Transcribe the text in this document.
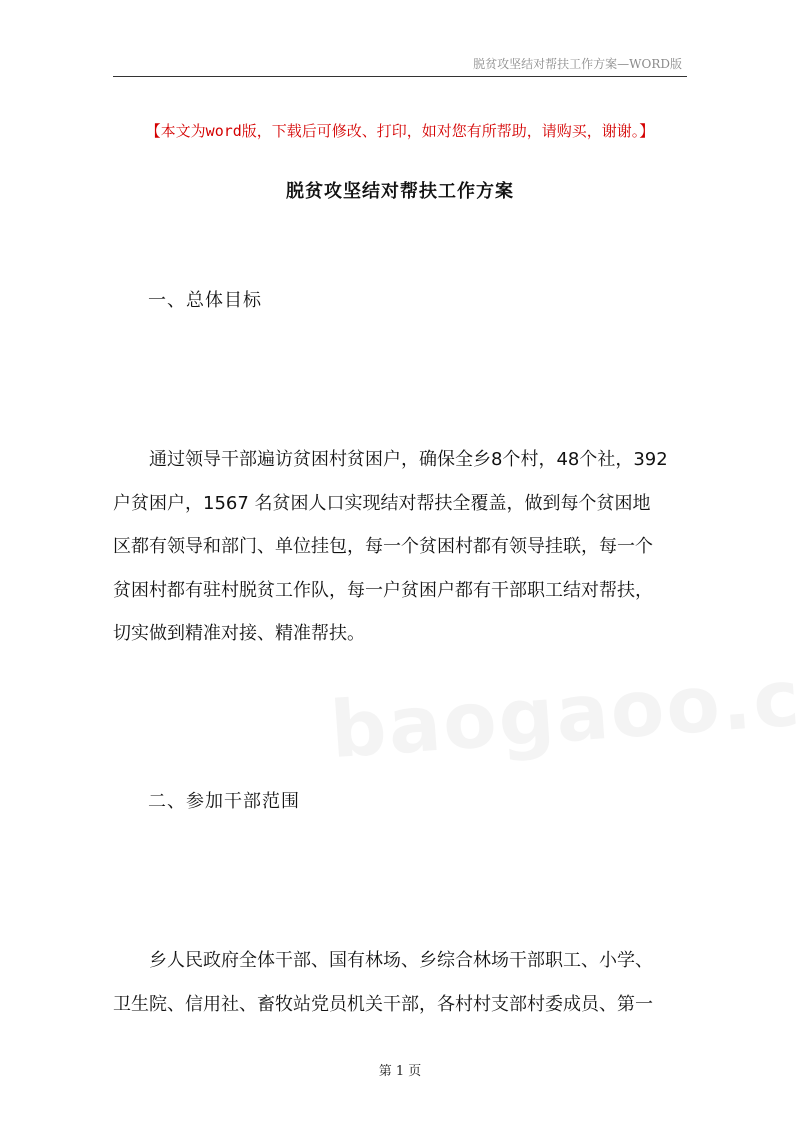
脱贫攻坚结对帮扶工作方案—WORD版
【本文为word版，下载后可修改、打印，如对您有所帮助，请购买，谢谢。】
脱贫攻坚结对帮扶工作方案
一、总体目标
通过领导干部遍访贫困村贫困户，确保全乡8个村，48个社，392
户贫困户，1567 名贫困人口实现结对帮扶全覆盖，做到每个贫困地
区都有领导和部门、单位挂包，每一个贫困村都有领导挂联，每一个
贫困村都有驻村脱贫工作队，每一户贫困户都有干部职工结对帮扶，
切实做到精准对接、精准帮扶。
二、参加干部范围
乡人民政府全体干部、国有林场、乡综合林场干部职工、小学、
卫生院、信用社、畜牧站党员机关干部，各村村支部村委成员、第一
第 1 页
